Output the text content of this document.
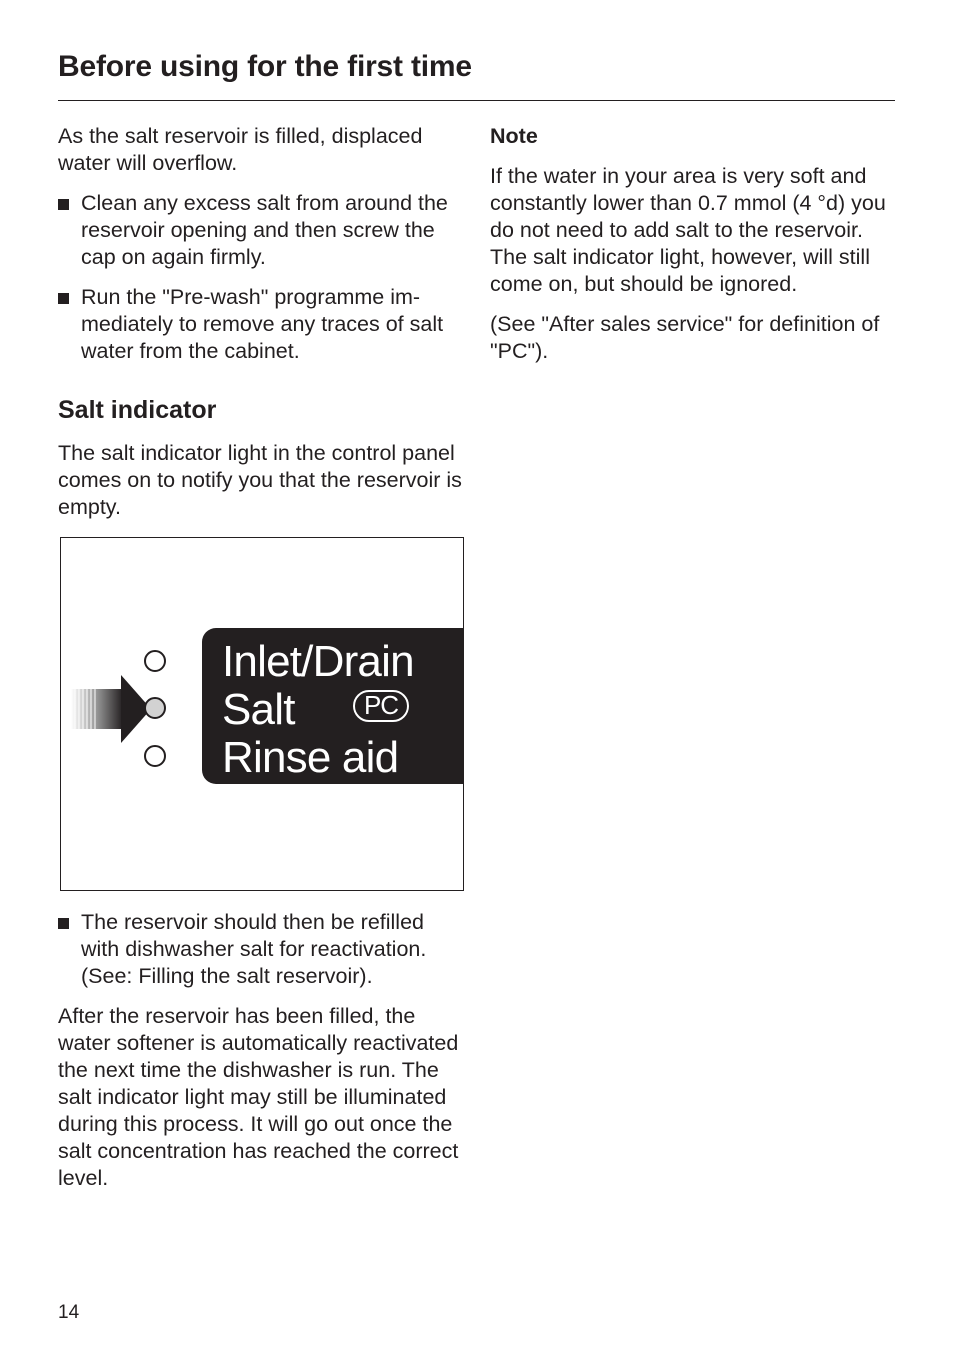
Before using for the first time

As the salt reservoir is filled, displaced water will overflow.

Clean any excess salt from around the reservoir opening and then screw the cap on again firmly.
Run the "Pre-wash" programme immediately to remove any traces of salt water from the cabinet.
Salt indicator

The salt indicator light in the control panel comes on to notify you that the reservoir is empty.

Inlet/Drain
Salt	PC
Rinse aid
The reservoir should then be refilled with dishwasher salt for reactivation. (See: Filling the salt reservoir).

After the reservoir has been filled, the water softener is automatically reactivated the next time the dishwasher is run. The salt indicator light may still be illuminated during this process. It will go out once the salt concentration has reached the correct level.

Note

If the water in your area is very soft and constantly lower than 0.7 mmol (4 °d) you do not need to add salt to the reservoir. The salt indicator light, however, will still come on, but should be ignored.

(See "After sales service" for definition of "PC").

14
